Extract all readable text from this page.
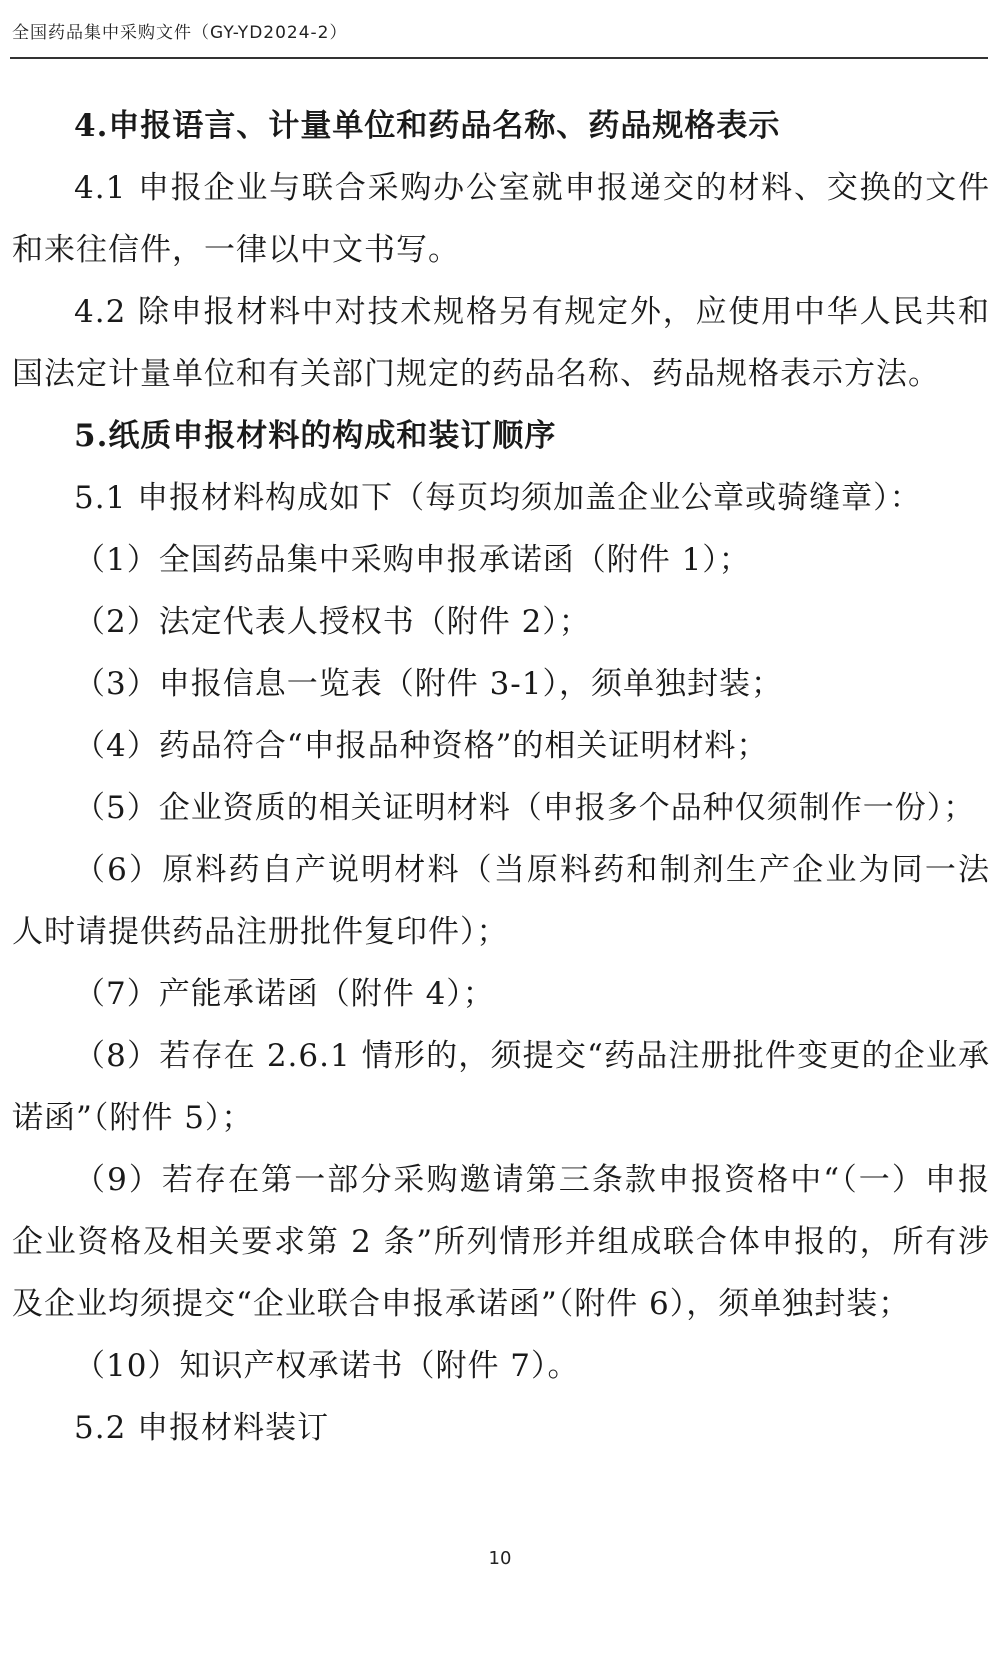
全国药品集中采购文件（GY-YD2024-2）

4.申报语言、计量单位和药品名称、药品规格表示

4.1 申报企业与联合采购办公室就申报递交的材料、交换的文件和来往信件，一律以中文书写。

4.2 除申报材料中对技术规格另有规定外，应使用中华人民共和国法定计量单位和有关部门规定的药品名称、药品规格表示方法。

5.纸质申报材料的构成和装订顺序

5.1 申报材料构成如下（每页均须加盖企业公章或骑缝章）：

（1）全国药品集中采购申报承诺函（附件 1）；

（2）法定代表人授权书（附件 2）；

（3）申报信息一览表（附件 3-1），须单独封装；

（4）药品符合“申报品种资格”的相关证明材料；

（5）企业资质的相关证明材料（申报多个品种仅须制作一份）；

（6）原料药自产说明材料（当原料药和制剂生产企业为同一法人时请提供药品注册批件复印件）；

（7）产能承诺函（附件 4）；

（8）若存在 2.6.1 情形的，须提交“药品注册批件变更的企业承诺函”（附件 5）；

（9）若存在第一部分采购邀请第三条款申报资格中“（一）申报企业资格及相关要求第 2 条”所列情形并组成联合体申报的，所有涉及企业均须提交“企业联合申报承诺函”（附件 6），须单独封装；

（10）知识产权承诺书（附件 7）。

5.2 申报材料装订

10
